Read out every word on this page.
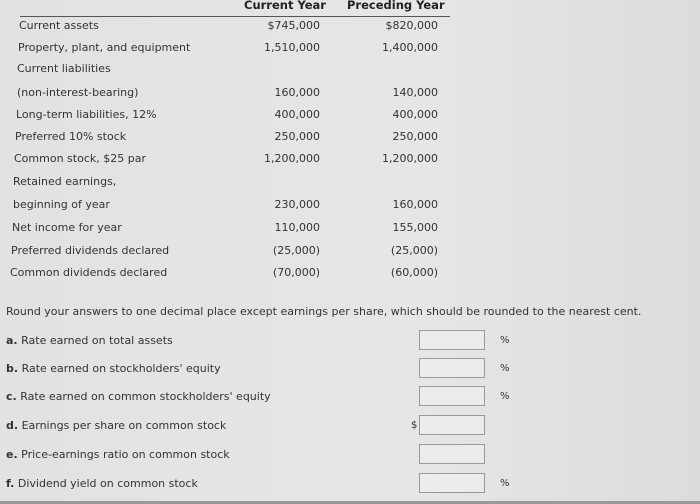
Current Year Preceding Year
Current assets	$745,000	$820,000
Property, plant, and equipment	1,510,000	1,400,000
Current liabilities
(non-interest-bearing)	160,000	140,000
Long-term liabilities, 12%	400,000	400,000
Preferred 10% stock	250,000	250,000
Common stock, $25 par	1,200,000	1,200,000
Retained earnings,
beginning of year	230,000	160,000
Net income for year	110,000	155,000
Preferred dividends declared	(25,000)	(25,000)
Common dividends declared	(70,000)	(60,000)
Round your answers to one decimal place except earnings per share, which should be rounded to the nearest cent.
a. Rate earned on total assets	%
b. Rate earned on stockholders' equity	%
c. Rate earned on common stockholders' equity	%
d. Earnings per share on common stock	$
e. Price-earnings ratio on common stock
f. Dividend yield on common stock	%
